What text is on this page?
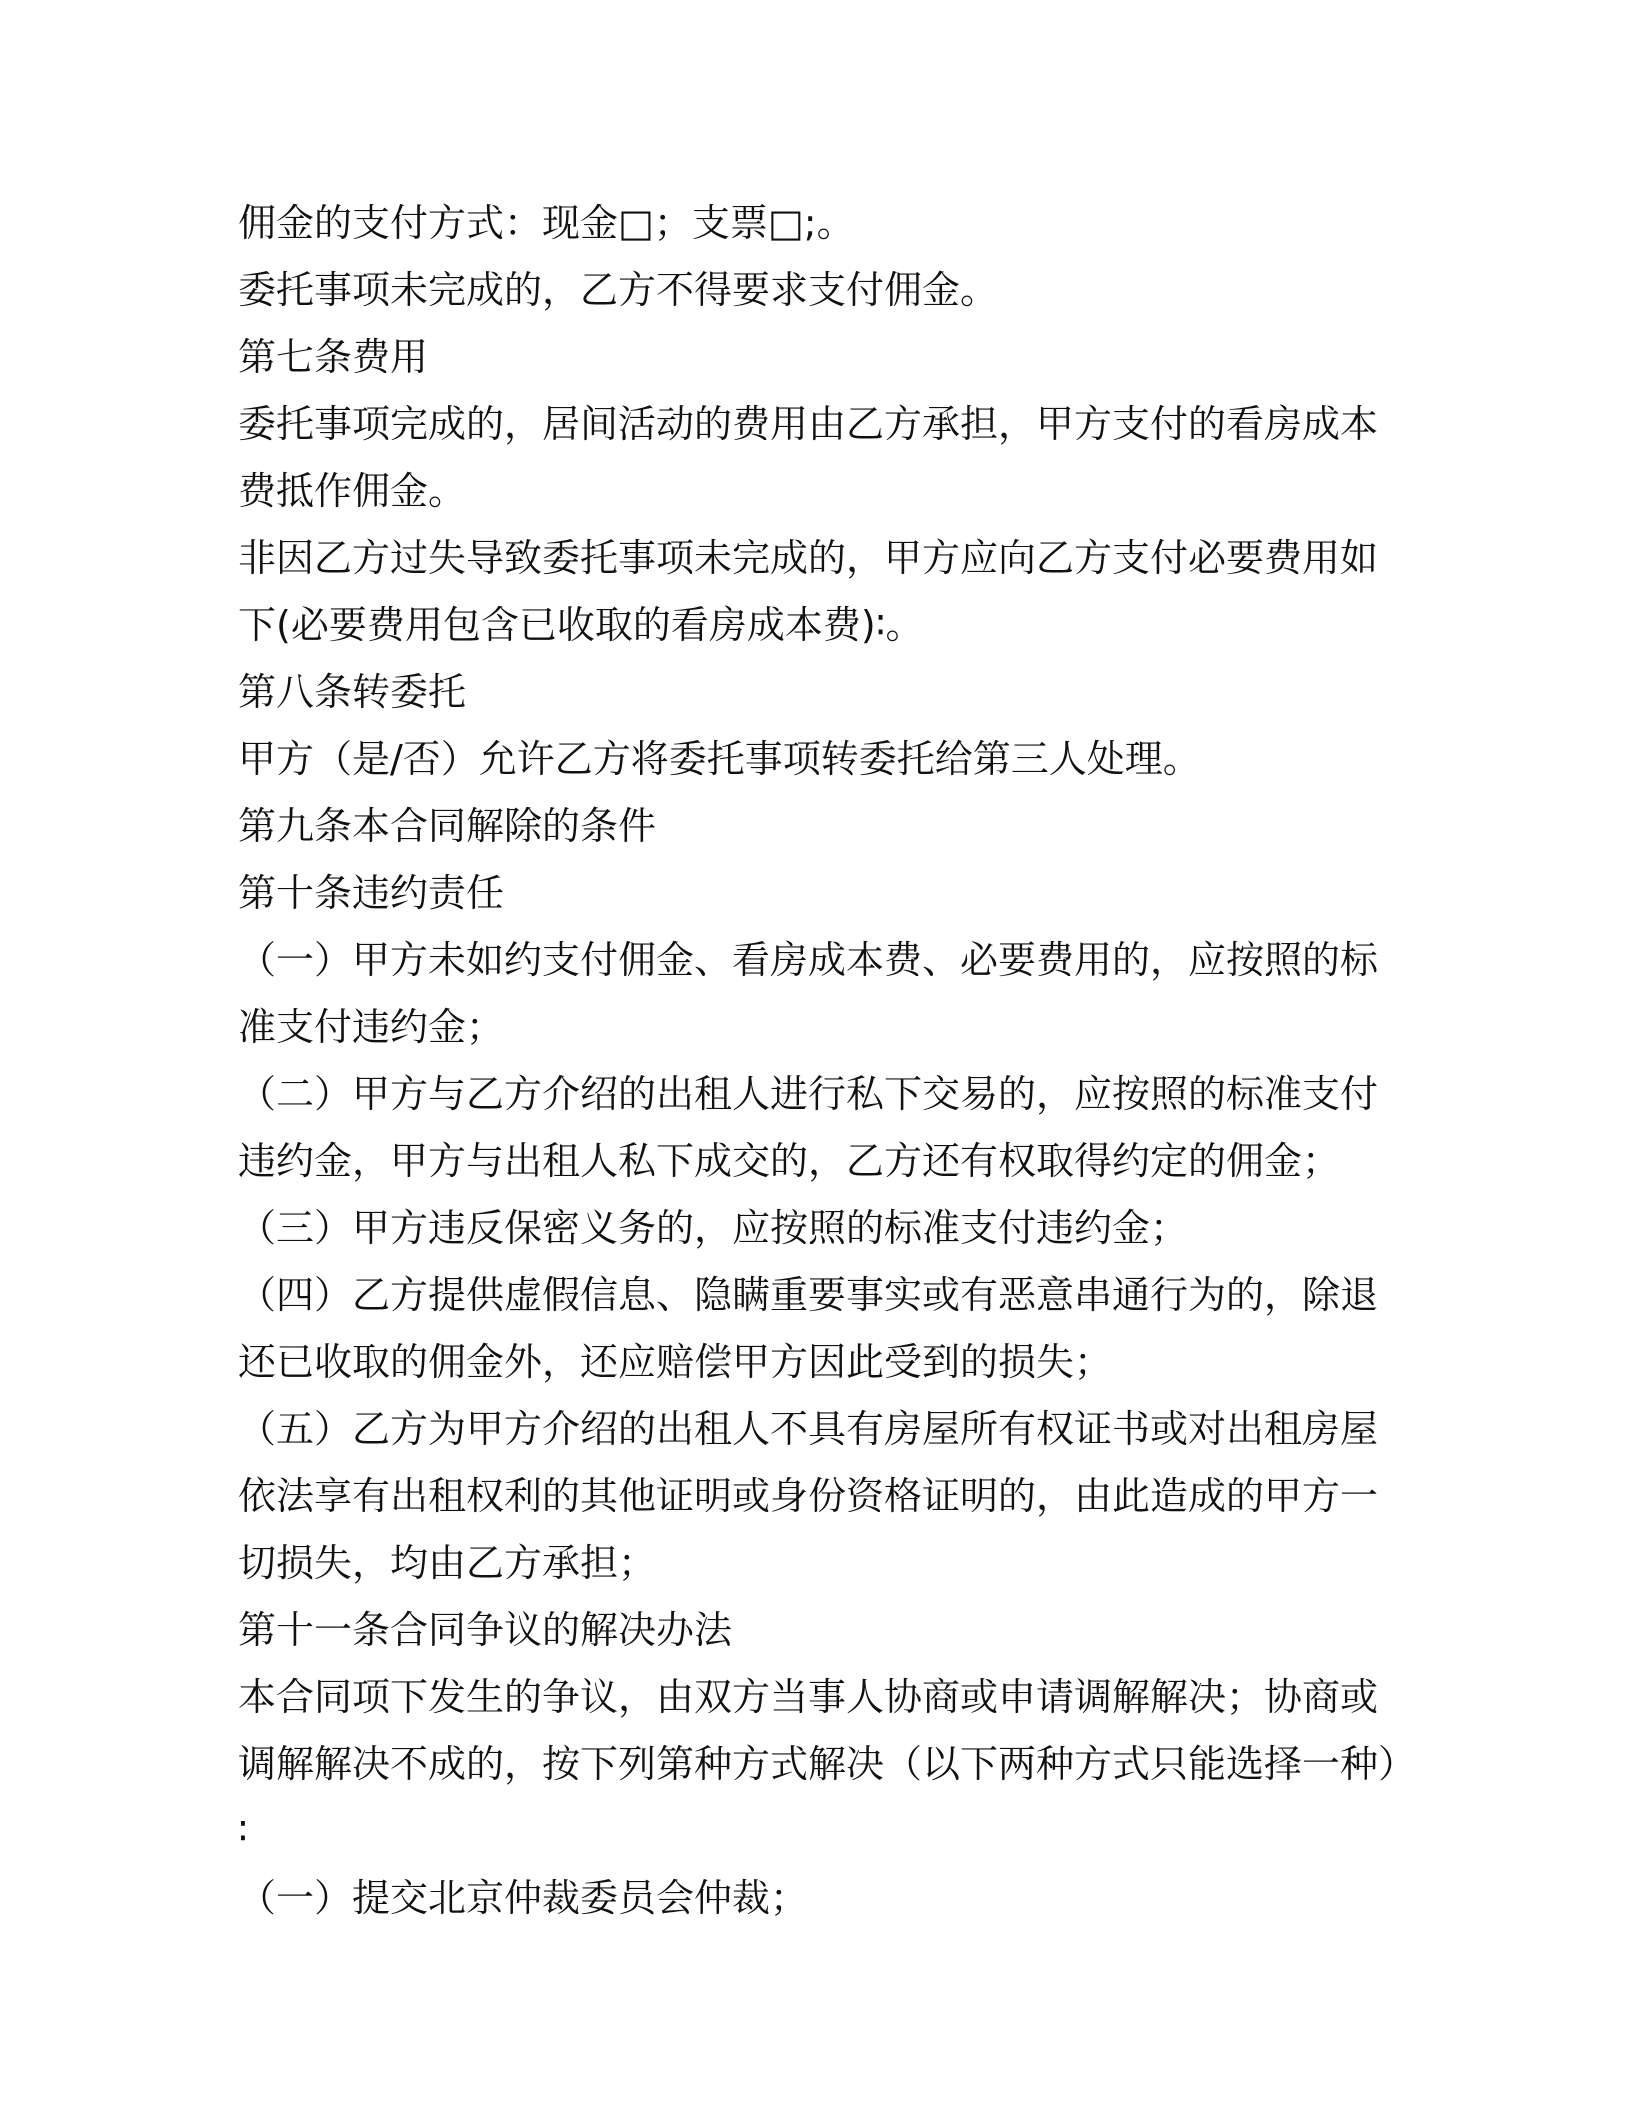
佣金的支付方式：现金□；支票□;。

委托事项未完成的，乙方不得要求支付佣金。

第七条费用

委托事项完成的，居间活动的费用由乙方承担，甲方支付的看房成本费抵作佣金。

非因乙方过失导致委托事项未完成的，甲方应向乙方支付必要费用如下(必要费用包含已收取的看房成本费)∶。

第八条转委托

甲方（是/否）允许乙方将委托事项转委托给第三人处理。

第九条本合同解除的条件

第十条违约责任

（一）甲方未如约支付佣金、看房成本费、必要费用的，应按照的标准支付违约金；

（二）甲方与乙方介绍的出租人进行私下交易的，应按照的标准支付违约金，甲方与出租人私下成交的，乙方还有权取得约定的佣金；

（三）甲方违反保密义务的，应按照的标准支付违约金；

（四）乙方提供虚假信息、隐瞒重要事实或有恶意串通行为的，除退还已收取的佣金外，还应赔偿甲方因此受到的损失；

（五）乙方为甲方介绍的出租人不具有房屋所有权证书或对出租房屋依法享有出租权利的其他证明或身份资格证明的，由此造成的甲方一切损失，均由乙方承担；

第十一条合同争议的解决办法

本合同项下发生的争议，由双方当事人协商或申请调解解决；协商或调解解决不成的，按下列第种方式解决（以下两种方式只能选择一种）∶

（一）提交北京仲裁委员会仲裁；
